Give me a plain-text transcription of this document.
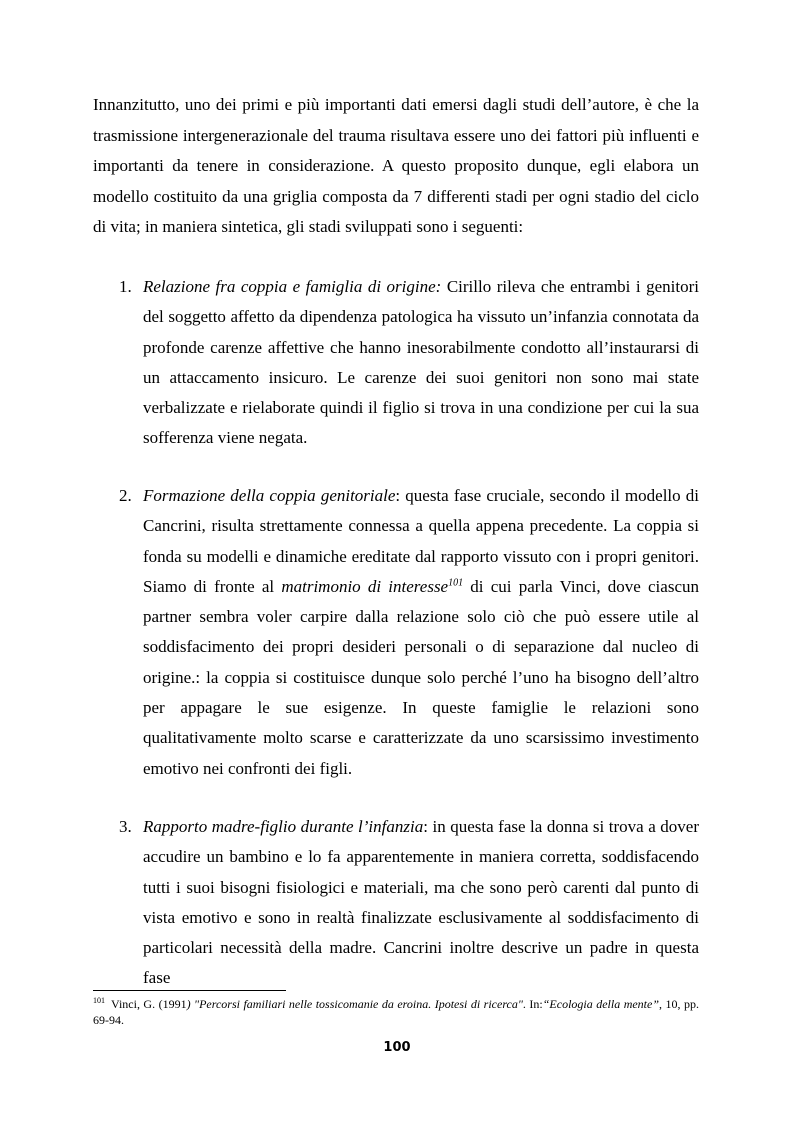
Innanzitutto, uno dei primi e più importanti dati emersi dagli studi dell’autore, è che la trasmissione intergenerazionale del trauma risultava essere uno dei fattori più influenti e importanti da tenere in considerazione. A questo proposito dunque, egli elabora un modello costituito da una griglia composta da 7 differenti stadi per ogni stadio del ciclo di vita; in maniera sintetica, gli stadi sviluppati sono i seguenti:

1. Relazione fra coppia e famiglia di origine: Cirillo rileva che entrambi i genitori del soggetto affetto da dipendenza patologica ha vissuto un’infanzia connotata da profonde carenze affettive che hanno inesorabilmente condotto all’instaurarsi di un attaccamento insicuro. Le carenze dei suoi genitori non sono mai state verbalizzate e rielaborate quindi il figlio si trova in una condizione per cui la sua sofferenza viene negata.
2. Formazione della coppia genitoriale: questa fase cruciale, secondo il modello di Cancrini, risulta strettamente connessa a quella appena precedente. La coppia si fonda su modelli e dinamiche ereditate dal rapporto vissuto con i propri genitori. Siamo di fronte al matrimonio di interesse$^{101}$ di cui parla Vinci, dove ciascun partner sembra voler carpire dalla relazione solo ciò che può essere utile al soddisfacimento dei propri desideri personali o di separazione dal nucleo di origine.: la coppia si costituisce dunque solo perché l’uno ha bisogno dell’altro per appagare le sue esigenze. In queste famiglie le relazioni sono qualitativamente molto scarse e caratterizzate da uno scarsissimo investimento emotivo nei confronti dei figli.
3. Rapporto madre-figlio durante l’infanzia: in questa fase la donna si trova a dover accudire un bambino e lo fa apparentemente in maniera corretta, soddisfacendo tutti i suoi bisogni fisiologici e materiali, ma che sono però carenti dal punto di vista emotivo e sono in realtà finalizzate esclusivamente al soddisfacimento di particolari necessità della madre. Cancrini inoltre descrive un padre in questa fase

$^{101}$ Vinci, G. (1991) "Percorsi familiari nelle tossicomanie da eroina. Ipotesi di ricerca". In:“Ecologia della mente”, 10, pp. 69-94.

100
